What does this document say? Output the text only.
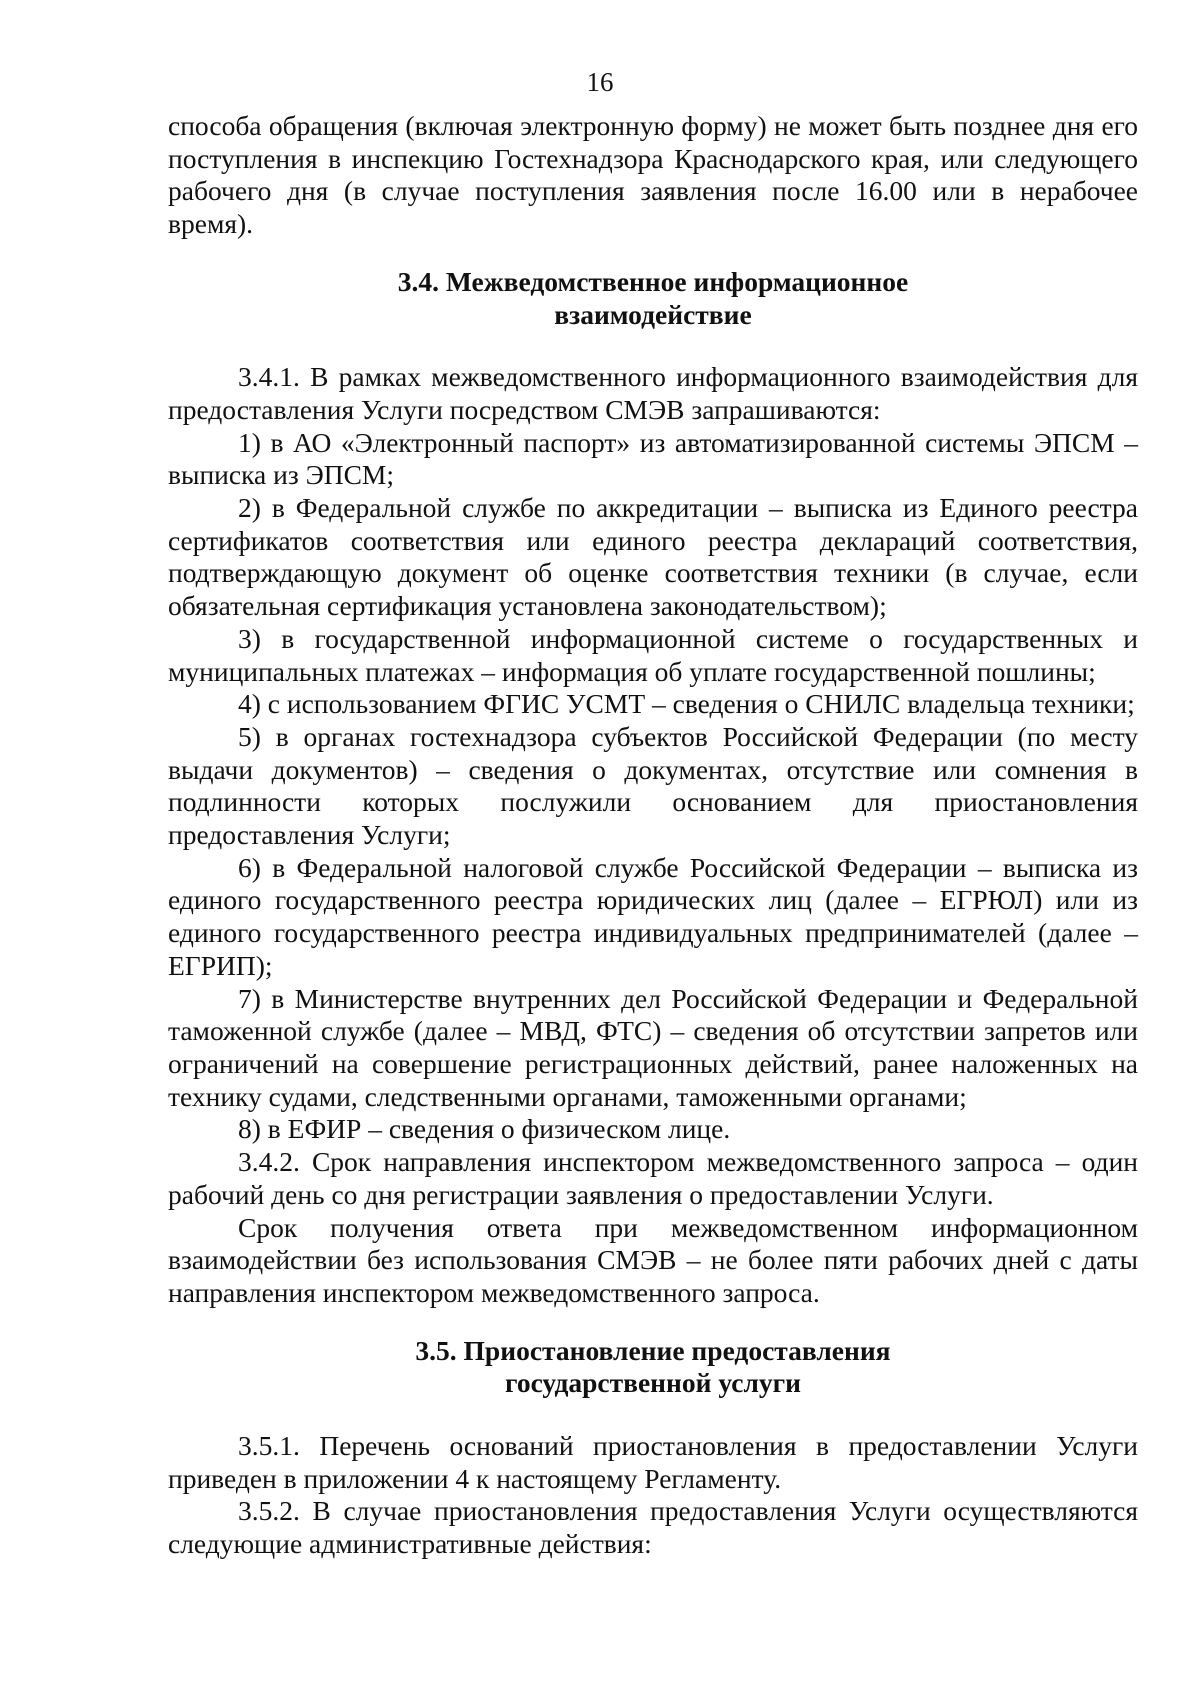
16

способа обращения (включая электронную форму) не может быть позднее дня его поступления в инспекцию Гостехнадзора Краснодарского края, или следующего рабочего дня (в случае поступления заявления после 16.00 или в нерабочее время).

3.4. Межведомственное информационное
взаимодействие

3.4.1. В рамках межведомственного информационного взаимодействия для предоставления Услуги посредством СМЭВ запрашиваются:

1) в АО «Электронный паспорт» из автоматизированной системы ЭПСМ – выписка из ЭПСМ;

2) в Федеральной службе по аккредитации – выписка из Единого реестра сертификатов соответствия или единого реестра деклараций соответствия, подтверждающую документ об оценке соответствия техники (в случае, если обязательная сертификация установлена законодательством);

3) в государственной информационной системе о государственных и муниципальных платежах – информация об уплате государственной пошлины;

4) с использованием ФГИС УСМТ – сведения о СНИЛС владельца техники;

5) в органах гостехнадзора субъектов Российской Федерации (по месту выдачи документов) – сведения о документах, отсутствие или сомнения в подлинности которых послужили основанием для приостановления предоставления Услуги;

6) в Федеральной налоговой службе Российской Федерации – выписка из единого государственного реестра юридических лиц (далее – ЕГРЮЛ) или из единого государственного реестра индивидуальных предпринимателей (далее – ЕГРИП);

7) в Министерстве внутренних дел Российской Федерации и Федеральной таможенной службе (далее – МВД, ФТС) – сведения об отсутствии запретов или ограничений на совершение регистрационных действий, ранее наложенных на технику судами, следственными органами, таможенными органами;

8) в ЕФИР – сведения о физическом лице.

3.4.2. Срок направления инспектором межведомственного запроса – один рабочий день со дня регистрации заявления о предоставлении Услуги.

Срок получения ответа при межведомственном информационном взаимодействии без использования СМЭВ – не более пяти рабочих дней с даты направления инспектором межведомственного запроса.

3.5. Приостановление предоставления
государственной услуги

3.5.1. Перечень оснований приостановления в предоставлении Услуги приведен в приложении 4 к настоящему Регламенту.

3.5.2. В случае приостановления предоставления Услуги осуществляются следующие административные действия:
